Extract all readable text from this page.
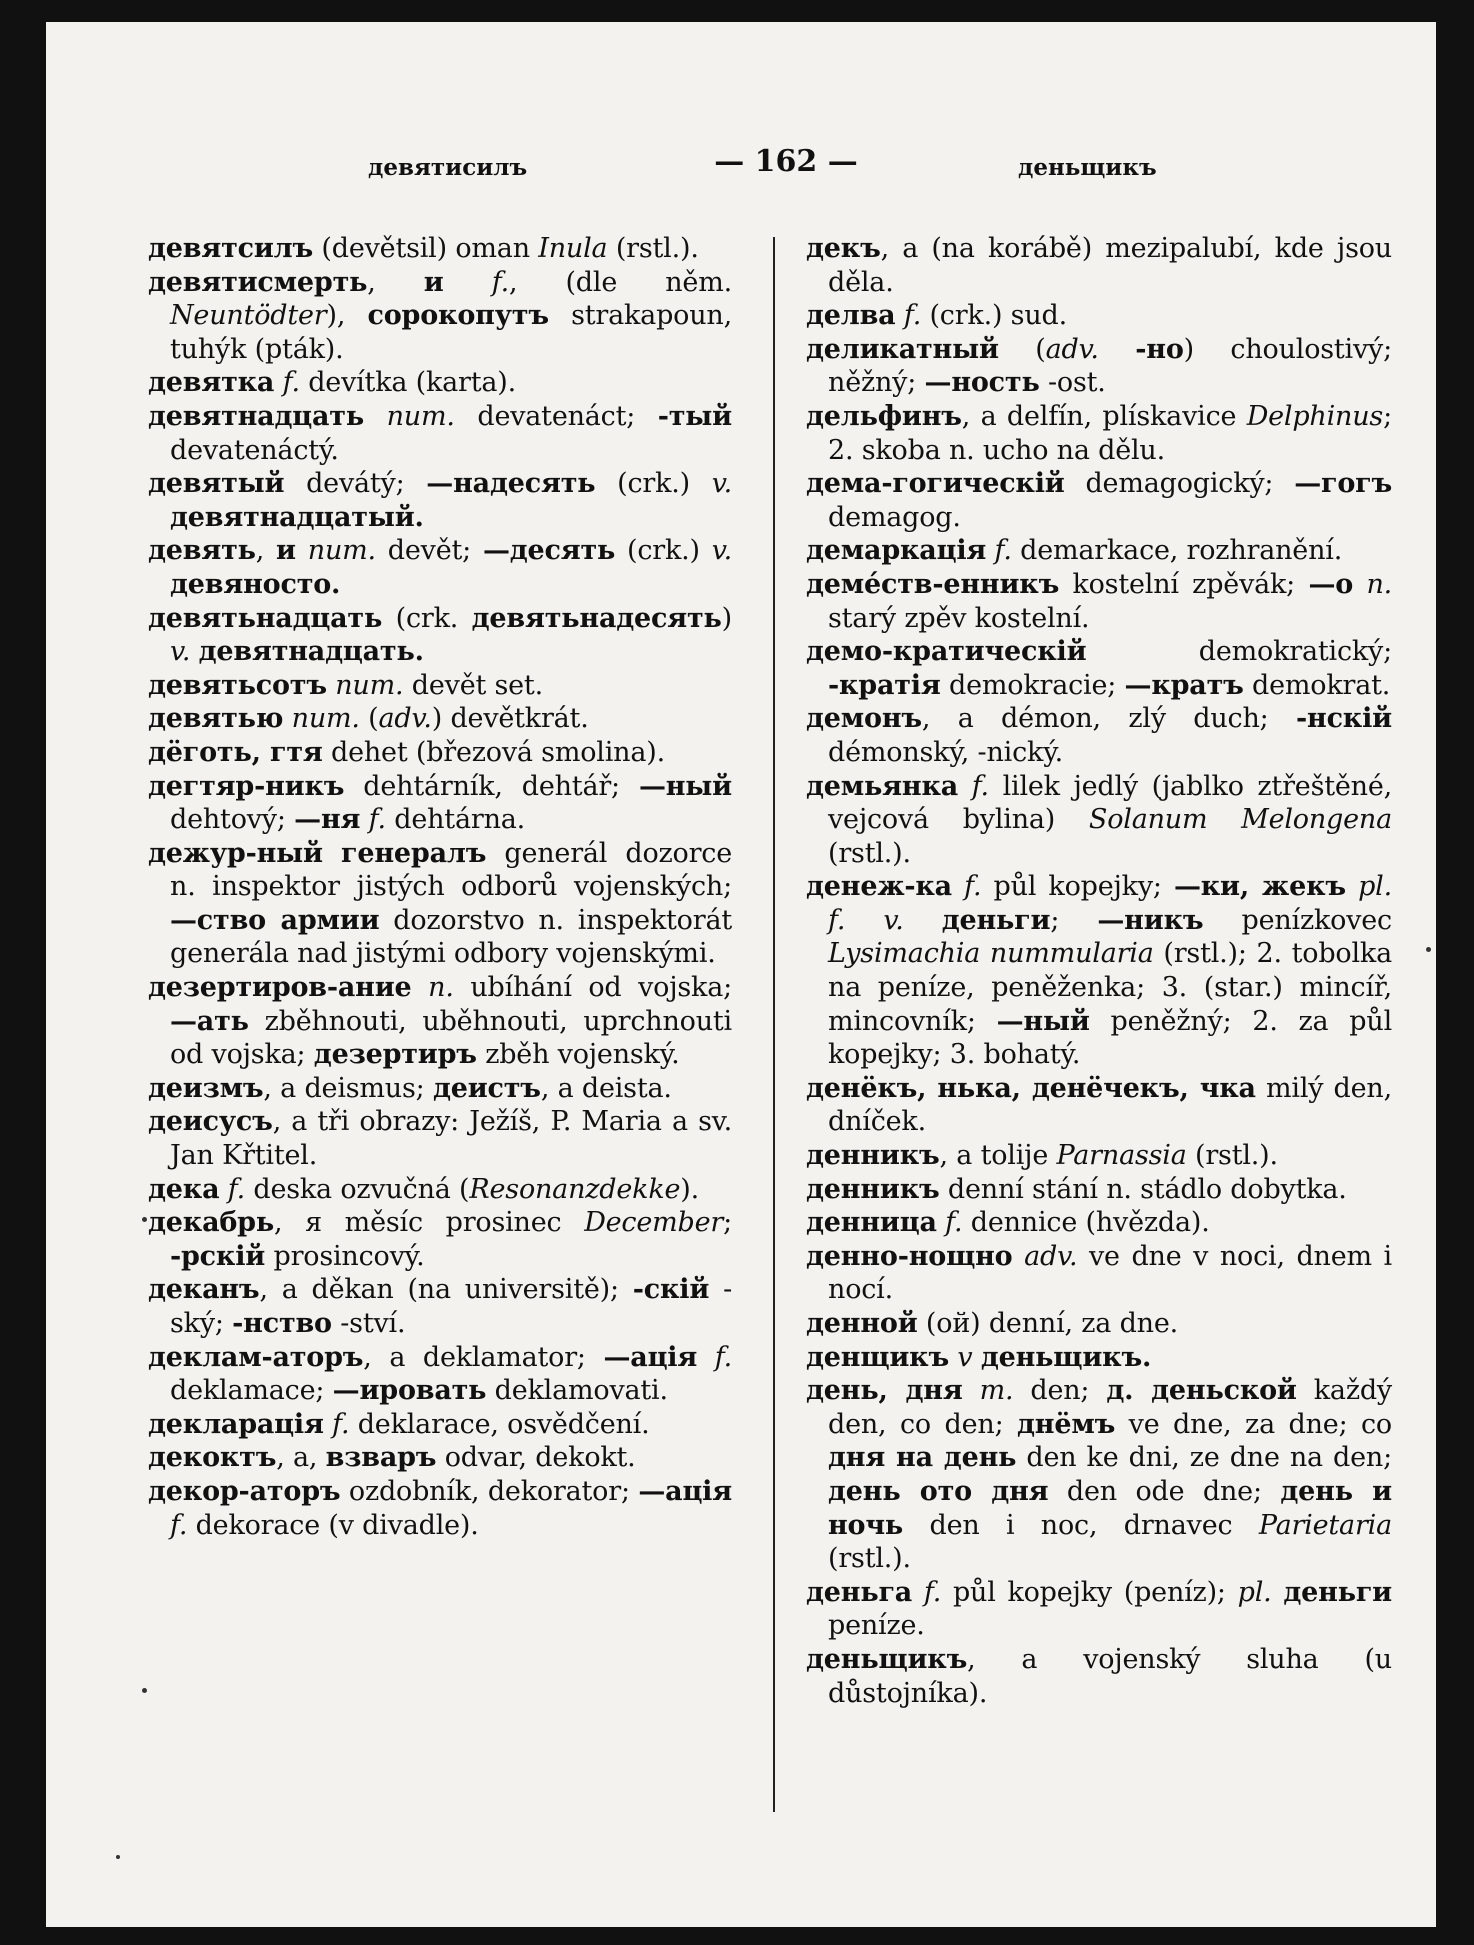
девятисилъ	— 162 —	деньщикъ
девятсилъ (devětsil) oman Inula (rstl.).
девятисмерть, и f., (dle něm. Neuntödter), сорокопутъ strakapoun, tuhýk (pták).
девятка f. devítka (karta).
девятнадцать num. devatenáct; -тый devatenáctý.
девятый devátý; —надесять (crk.) v. девятнадцатый.
девять, и num. devět; —десять (crk.) v. девяносто.
девятьнадцать (crk. девятьнадесять) v. девятнадцать.
девятьсотъ num. devět set.
девятью num. (adv.) devětkrát.
дёготь, гтя dehet (březová smolina).
дегтяр-никъ dehtárník, dehtář; —ный dehtový; —ня f. dehtárna.
дежур-ный генералъ generál dozorce n. inspektor jistých odborů vojenských; —ство армии dozorstvo n. inspektorát generála nad jistými odbory vojenskými.
дезертиров-ание n. ubíhání od vojska; —ать zběhnouti, uběhnouti, uprchnouti od vojska; дезертиръ zběh vojenský.
деизмъ, a deismus; деистъ, a deista.
деисусъ, a tři obrazy: Ježíš, P. Maria a sv. Jan Křtitel.
дека f. deska ozvučná (Resonanzdekke).
декабрь, я měsíc prosinec December; -рскій prosincový.
деканъ, a děkan (na universitě); -скій -ský; -нство -ství.
деклам-аторъ, a deklamator; —ація f. deklamace; —ировать deklamovati.
декларація f. deklarace, osvědčení.
декоктъ, a, взваръ odvar, dekokt.
декор-аторъ ozdobník, dekorator; —ація f. dekorace (v divadle).
декъ, a (na korábě) mezipalubí, kde jsou děla.
делва f. (crk.) sud.
деликатный (adv. -но) choulostivý; něžný; —ность -ost.
дельфинъ, a delfín, plískavice Delphinus; 2. skoba n. ucho na dělu.
дема-гогическій demagogický; —гогъ demagog.
демаркація f. demarkace, rozhranění.
демéств-енникъ kostelní zpěvák; —о n. starý zpěv kostelní.
демо-кратическій demokratický; -кратія demokracie; —кратъ demokrat.
демонъ, a démon, zlý duch; -нскій démonský, -nický.
демьянка f. lilek jedlý (jablko ztřeštěné, vejcová bylina) Solanum Melongena (rstl.).
денеж-ка f. půl kopejky; —ки, жекъ pl. f. v. деньги; —никъ penízkovec Lysimachia nummularia (rstl.); 2. tobolka na peníze, peněženka; 3. (star.) mincíř, mincovník; —ный peněžný; 2. za půl kopejky; 3. bohatý.
денёкъ, нька, денёчекъ, чка milý den, dníček.
денникъ, a tolije Parnassia (rstl.).
денникъ denní stání n. stádlo dobytka.
денница f. dennice (hvězda).
денно-нощно adv. ve dne v noci, dnem i nocí.
денной (ой) denní, za dne.
денщикъ v деньщикъ.
день, дня m. den; д. деньской každý den, co den; днёмъ ve dne, za dne; co дня на день den ke dni, ze dne na den; день ото дня den ode dne; день и ночь den i noc, drnavec Parietaria (rstl.).
деньга f. půl kopejky (peníz); pl. деньги peníze.
деньщикъ, a vojenský sluha (u důstojníka).
